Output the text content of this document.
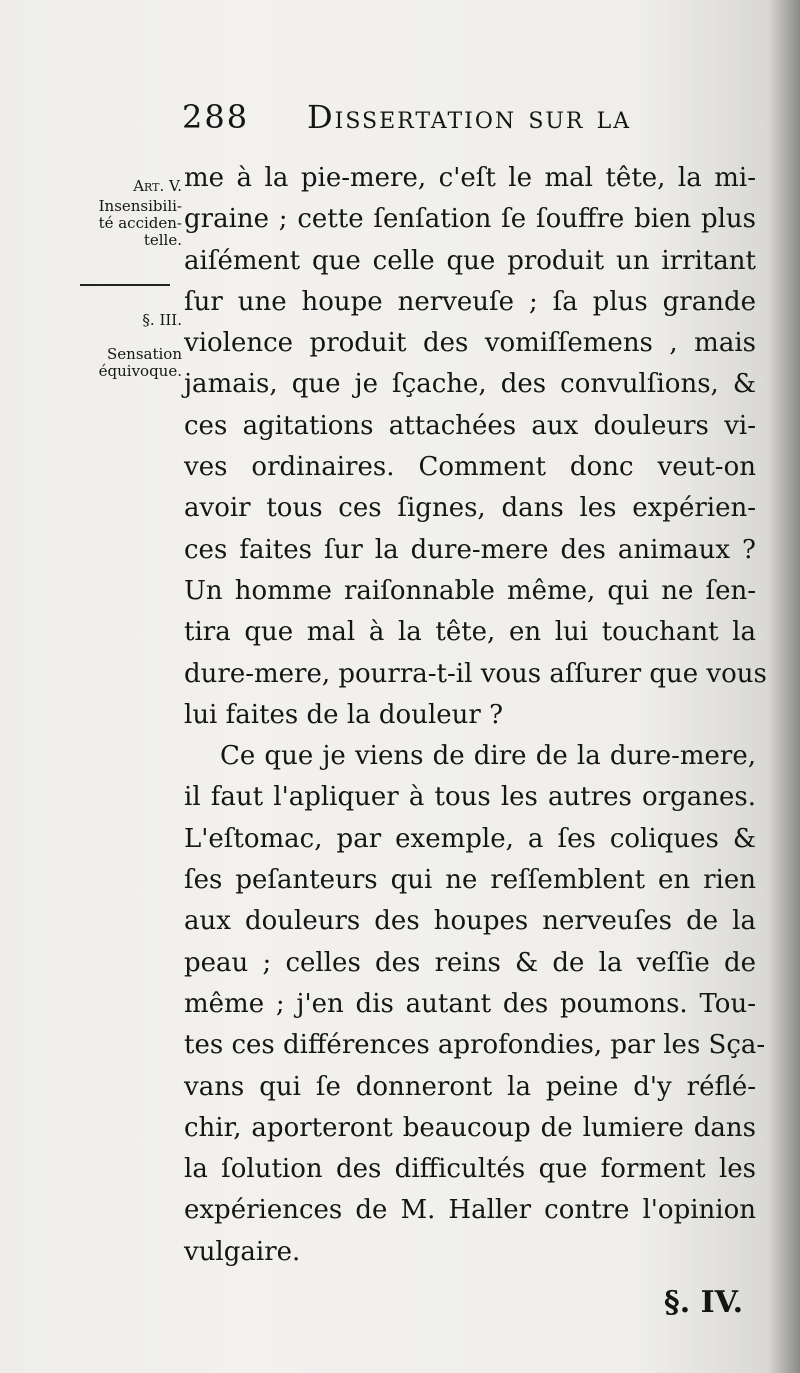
288 Dissertation sur la
Art. V.
Insensibili-
té acciden-
telle.
§. III.
Sensation
équivoque.
me à la pie-mere, c'eſt le mal tête, la mi-
graine ; cette ſenſation ſe ſouffre bien plus
aiſément que celle que produit un irritant
ſur une houpe nerveuſe ; ſa plus grande
violence produit des vomiſſemens , mais
jamais, que je ſçache, des convulſions, &
ces agitations attachées aux douleurs vi-
ves ordinaires. Comment donc veut-on
avoir tous ces ſignes, dans les expérien-
ces faites ſur la dure-mere des animaux ?
Un homme raiſonnable même, qui ne ſen-
tira que mal à la tête, en lui touchant la
dure-mere, pourra-t-il vous aſſurer que vous
lui faites de la douleur ?
Ce que je viens de dire de la dure-mere,
il faut l'apliquer à tous les autres organes.
L'eſtomac, par exemple, a ſes coliques &
ſes peſanteurs qui ne reſſemblent en rien
aux douleurs des houpes nerveuſes de la
peau ; celles des reins & de la veſſie de
même ; j'en dis autant des poumons. Tou-
tes ces différences aprofondies, par les Sça-
vans qui ſe donneront la peine d'y réflé-
chir, aporteront beaucoup de lumiere dans
la ſolution des difficultés que forment les
expériences de M. Haller contre l'opinion
vulgaire.
§. IV.
